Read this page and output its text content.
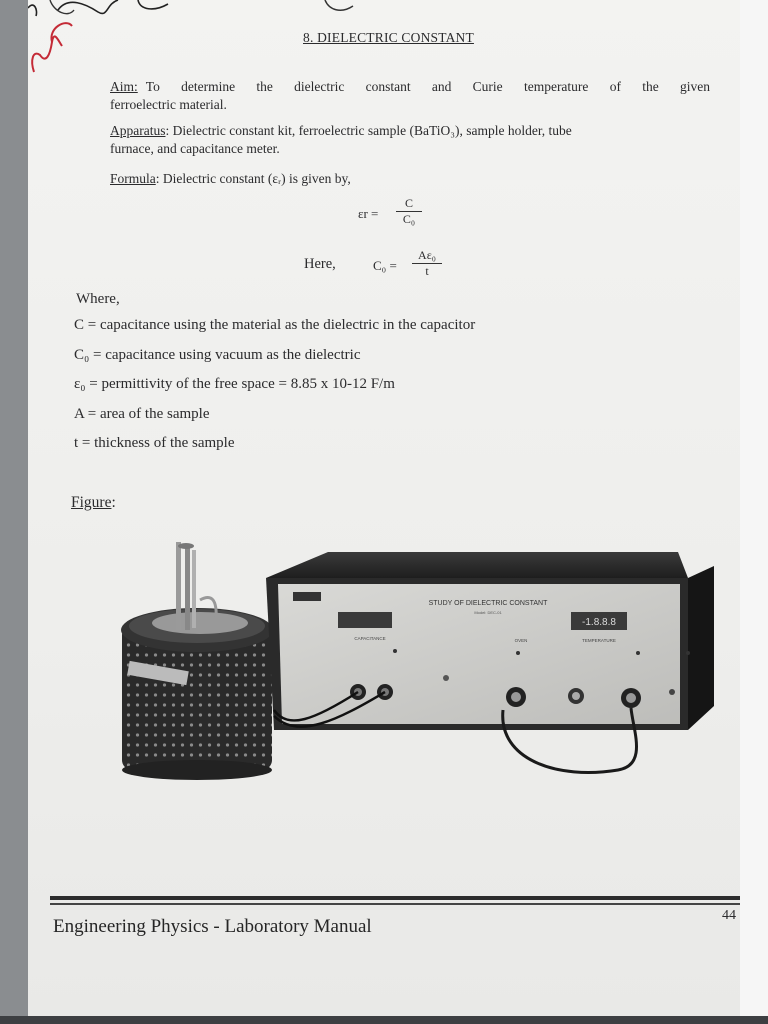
8. DIELECTRIC CONSTANT
Aim: To determine the dielectric constant and Curie temperature of the given
ferroelectric material.
Apparatus: Dielectric constant kit, ferroelectric sample (BaTiO₃), sample holder, tube
furnace, and capacitance meter.
Formula: Dielectric constant (εᵣ) is given by,
εr =
C
C₀
Here,	C₀ =
Aε₀
t
Where,
C = capacitance using the material as the dielectric in the capacitor
C₀ = capacitance using vacuum as the dielectric
ε₀ = permittivity of the free space = 8.85 x 10-12 F/m
A = area of the sample
t = thickness of the sample
Figure:
STUDY OF DIELECTRIC CONSTANT
Model: DEC-01
CAPACITANCE
-1.8.8.8
TEMPERATURE
OVEN
Engineering Physics - Laboratory Manual
44
